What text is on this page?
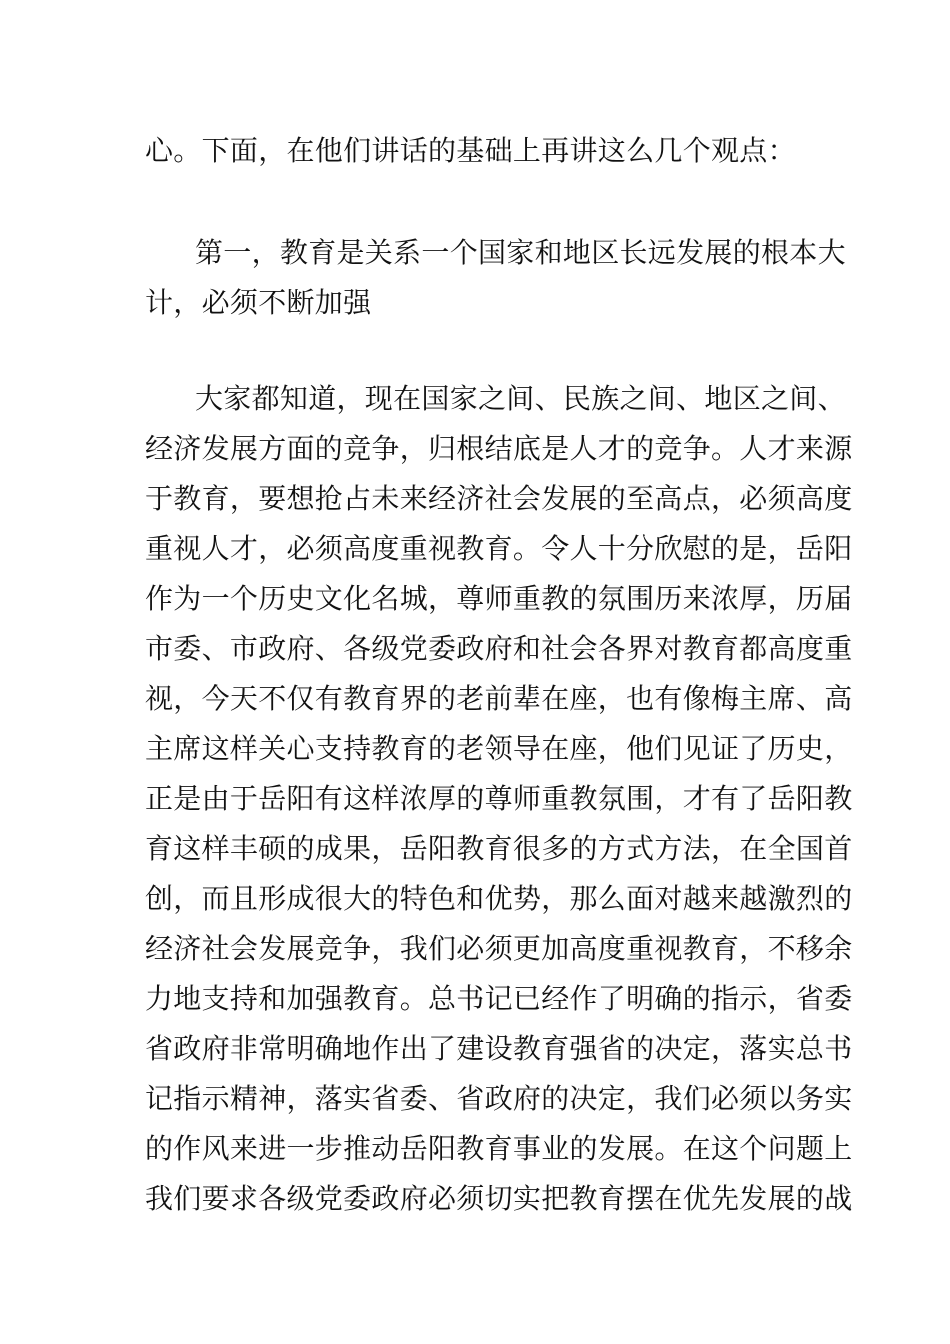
心。下面，在他们讲话的基础上再讲这么几个观点：

第一，教育是关系一个国家和地区长远发展的根本大

计，必须不断加强

大家都知道，现在国家之间、民族之间、地区之间、

经济发展方面的竞争，归根结底是人才的竞争。人才来源

于教育，要想抢占未来经济社会发展的至高点，必须高度

重视人才，必须高度重视教育。令人十分欣慰的是，岳阳

作为一个历史文化名城，尊师重教的氛围历来浓厚，历届

市委、市政府、各级党委政府和社会各界对教育都高度重

视，今天不仅有教育界的老前辈在座，也有像梅主席、高

主席这样关心支持教育的老领导在座，他们见证了历史，

正是由于岳阳有这样浓厚的尊师重教氛围，才有了岳阳教

育这样丰硕的成果，岳阳教育很多的方式方法，在全国首

创，而且形成很大的特色和优势，那么面对越来越激烈的

经济社会发展竞争，我们必须更加高度重视教育，不移余

力地支持和加强教育。总书记已经作了明确的指示，省委

省政府非常明确地作出了建设教育强省的决定，落实总书

记指示精神，落实省委、省政府的决定，我们必须以务实

的作风来进一步推动岳阳教育事业的发展。在这个问题上

我们要求各级党委政府必须切实把教育摆在优先发展的战
